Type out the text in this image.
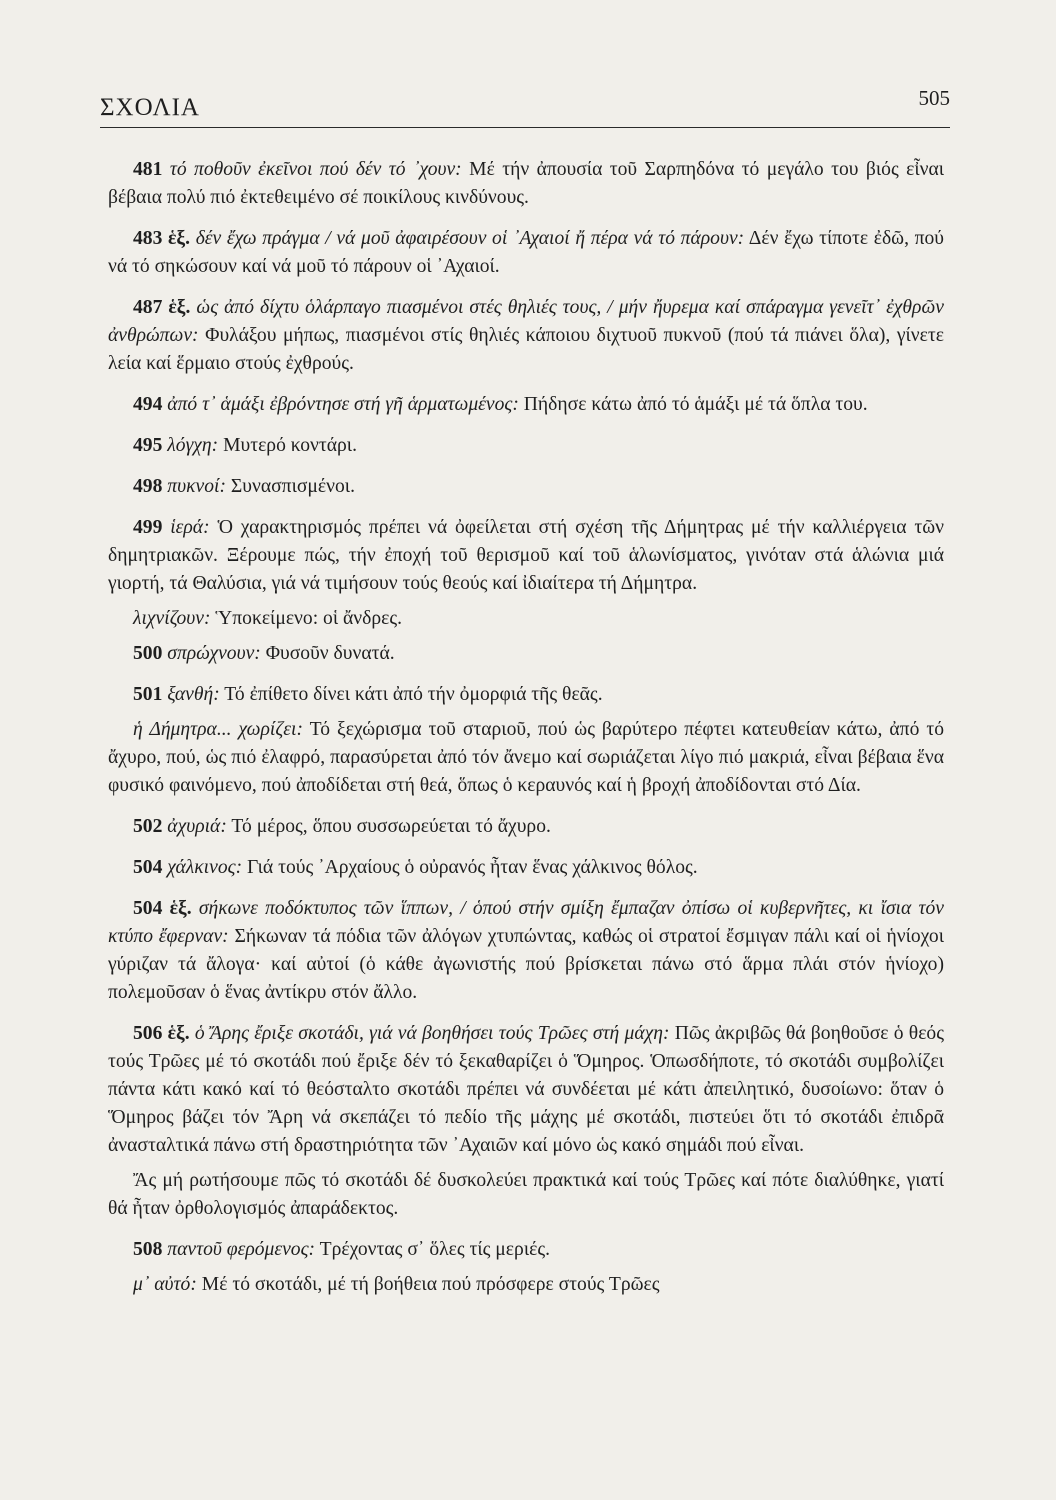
ΣΧΟΛΙΑ	505

481 τό ποθοῦν ἐκεῖνοι πού δέν τό ᾽χουν: Μέ τήν ἀπουσία τοῦ Σαρπηδόνα τό μεγάλο του βιός εἶναι βέβαια πολύ πιό ἐκτεθειμένο σέ ποικίλους κινδύνους.

483 ἑξ. δέν ἔχω πράγμα / νά μοῦ ἀφαιρέσουν οἱ ᾽Αχαιοί ἤ πέρα νά τό πάρουν: Δέν ἔχω τίποτε ἐδῶ, πού νά τό σηκώσουν καί νά μοῦ τό πάρουν οἱ ᾽Αχαιοί.

487 ἑξ. ὡς ἀπό δίχτυ ὁλάρπαγο πιασμένοι στές θηλιές τους, / μήν ἤυρεμα καί σπάραγμα γενεῖτ᾽ ἐχθρῶν ἀνθρώπων: Φυλάξου μήπως, πιασμένοι στίς θηλιές κάποιου διχτυοῦ πυκνοῦ (πού τά πιάνει ὅλα), γίνετε λεία καί ἕρμαιο στούς ἐχθρούς.

494 ἀπό τ᾽ ἁμάξι ἐβρόντησε στή γῆ ἁρματωμένος: Πήδησε κάτω ἀπό τό ἁμάξι μέ τά ὅπλα του.

495 λόγχη: Μυτερό κοντάρι.

498 πυκνοί: Συνασπισμένοι.

499 ἱερά: Ὁ χαρακτηρισμός πρέπει νά ὀφείλεται στή σχέση τῆς Δήμητρας μέ τήν καλλιέργεια τῶν δημητριακῶν. Ξέρουμε πώς, τήν ἐποχή τοῦ θερισμοῦ καί τοῦ ἁλωνίσματος, γινόταν στά ἁλώνια μιά γιορτή, τά Θαλύσια, γιά νά τιμήσουν τούς θεούς καί ἰδιαίτερα τή Δήμητρα.

λιχνίζουν: Ὑποκείμενο: οἱ ἄνδρες.

500 σπρώχνουν: Φυσοῦν δυνατά.

501 ξανθή: Τό ἐπίθετο δίνει κάτι ἀπό τήν ὀμορφιά τῆς θεᾶς.

ἡ Δήμητρα... χωρίζει: Τό ξεχώρισμα τοῦ σταριοῦ, πού ὡς βαρύτερο πέφτει κατευθείαν κάτω, ἀπό τό ἄχυρο, πού, ὡς πιό ἐλαφρό, παρασύρεται ἀπό τόν ἄνεμο καί σωριάζεται λίγο πιό μακριά, εἶναι βέβαια ἕνα φυσικό φαινόμενο, πού ἀποδίδεται στή θεά, ὅπως ὁ κεραυνός καί ἡ βροχή ἀποδίδονται στό Δία.

502 ἀχυριά: Τό μέρος, ὅπου συσσωρεύεται τό ἄχυρο.

504 χάλκινος: Γιά τούς ᾽Αρχαίους ὁ οὐρανός ἦταν ἕνας χάλκινος θόλος.

504 ἑξ. σήκωνε ποδόκτυπος τῶν ἵππων, / ὁπού στήν σμίξη ἔμπαζαν ὀπίσω οἱ κυβερνῆτες, κι ἴσια τόν κτύπο ἔφερναν: Σήκωναν τά πόδια τῶν ἀλόγων χτυπώντας, καθώς οἱ στρατοί ἔσμιγαν πάλι καί οἱ ἡνίοχοι γύριζαν τά ἄλογα· καί αὐτοί (ὁ κάθε ἀγωνιστής πού βρίσκεται πάνω στό ἅρμα πλάι στόν ἡνίοχο) πολεμοῦσαν ὁ ἕνας ἀντίκρυ στόν ἄλλο.

506 ἑξ. ὁ Ἄρης ἔριξε σκοτάδι, γιά νά βοηθήσει τούς Τρῶες στή μάχη: Πῶς ἀκριβῶς θά βοηθοῦσε ὁ θεός τούς Τρῶες μέ τό σκοτάδι πού ἔριξε δέν τό ξεκαθαρίζει ὁ Ὅμηρος. Ὁπωσδήποτε, τό σκοτάδι συμβολίζει πάντα κάτι κακό καί τό θεόσταλτο σκοτάδι πρέπει νά συνδέεται μέ κάτι ἀπειλητικό, δυσοίωνο: ὅταν ὁ Ὅμηρος βάζει τόν Ἄρη νά σκεπάζει τό πεδίο τῆς μάχης μέ σκοτάδι, πιστεύει ὅτι τό σκοτάδι ἐπιδρᾶ ἀνασταλτικά πάνω στή δραστηριότητα τῶν ᾽Αχαιῶν καί μόνο ὡς κακό σημάδι πού εἶναι.

Ἄς μή ρωτήσουμε πῶς τό σκοτάδι δέ δυσκολεύει πρακτικά καί τούς Τρῶες καί πότε διαλύθηκε, γιατί θά ἦταν ὀρθολογισμός ἀπαράδεκτος.

508 παντοῦ φερόμενος: Τρέχοντας σ᾽ ὅλες τίς μεριές.

μ᾽ αὐτό: Μέ τό σκοτάδι, μέ τή βοήθεια πού πρόσφερε στούς Τρῶες
